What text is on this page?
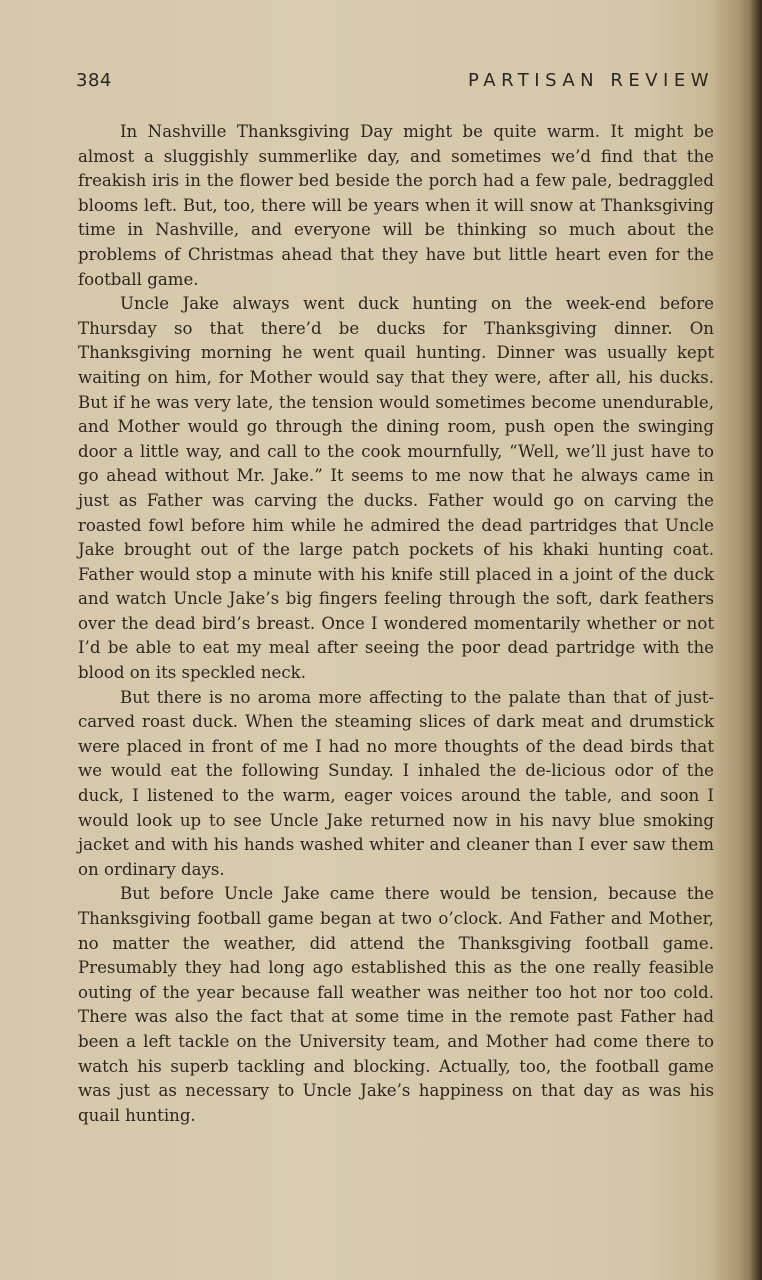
384	PARTISAN REVIEW

In Nashville Thanksgiving Day might be quite warm. It might be almost a sluggishly summerlike day, and sometimes we’d find that the freakish iris in the flower bed beside the porch had a few pale, bedraggled blooms left. But, too, there will be years when it will snow at Thanksgiving time in Nashville, and everyone will be thinking so much about the problems of Christmas ahead that they have but little heart even for the football game.

Uncle Jake always went duck hunting on the week-end before Thursday so that there’d be ducks for Thanksgiving dinner. On Thanksgiving morning he went quail hunting. Dinner was usually kept waiting on him, for Mother would say that they were, after all, his ducks. But if he was very late, the tension would sometimes become unendurable, and Mother would go through the dining room, push open the swinging door a little way, and call to the cook mournfully, “Well, we’ll just have to go ahead without Mr. Jake.” It seems to me now that he always came in just as Father was carving the ducks. Father would go on carving the roasted fowl before him while he admired the dead partridges that Uncle Jake brought out of the large patch pockets of his khaki hunting coat. Father would stop a minute with his knife still placed in a joint of the duck and watch Uncle Jake’s big fingers feeling through the soft, dark feathers over the dead bird’s breast. Once I wondered momentarily whether or not I’d be able to eat my meal after seeing the poor dead partridge with the blood on its speckled neck.

But there is no aroma more affecting to the palate than that of just-carved roast duck. When the steaming slices of dark meat and drumstick were placed in front of me I had no more thoughts of the dead birds that we would eat the following Sunday. I inhaled the de-licious odor of the duck, I listened to the warm, eager voices around the table, and soon I would look up to see Uncle Jake returned now in his navy blue smoking jacket and with his hands washed whiter and cleaner than I ever saw them on ordinary days.

But before Uncle Jake came there would be tension, because the Thanksgiving football game began at two o’clock. And Father and Mother, no matter the weather, did attend the Thanksgiving football game. Presumably they had long ago established this as the one really feasible outing of the year because fall weather was neither too hot nor too cold. There was also the fact that at some time in the remote past Father had been a left tackle on the University team, and Mother had come there to watch his superb tackling and blocking. Actually, too, the football game was just as necessary to Uncle Jake’s happiness on that day as was his quail hunting.
